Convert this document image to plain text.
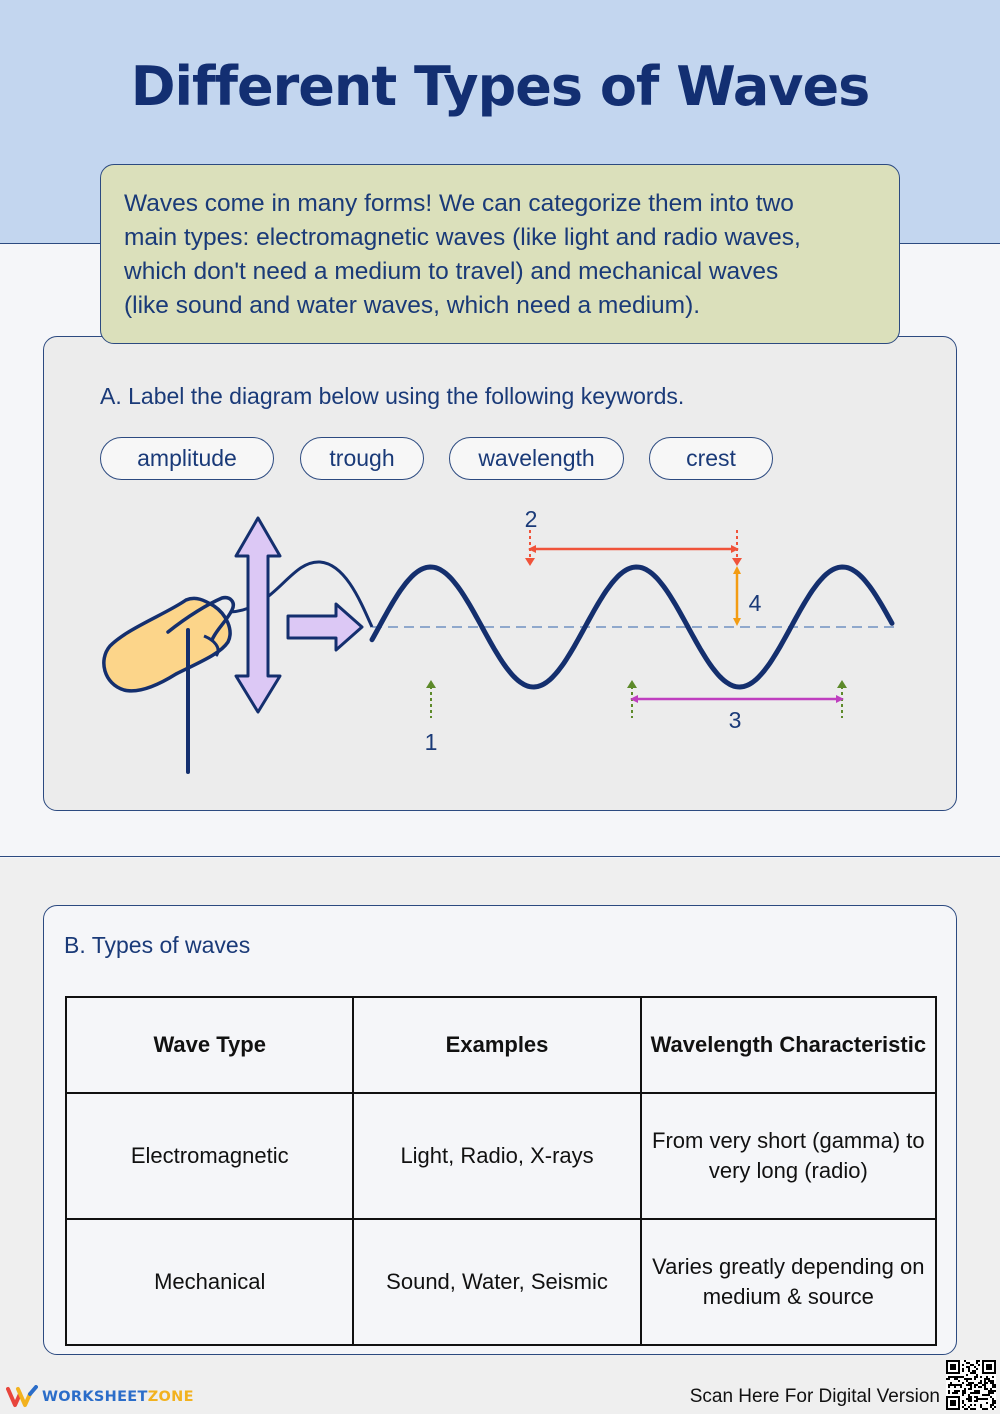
Different Types of Waves

Waves come in many forms! We can categorize them into two

main types: electromagnetic waves (like light and radio waves,

which don't need a medium to travel) and mechanical waves

(like sound and water waves, which need a medium).

A. Label the diagram below using the following keywords.
amplitude	trough	wavelength	crest
1
2
3
4
B. Types of waves
Wave Type	Examples	Wavelength Characteristic
Electromagnetic	Light, Radio, X-rays	From very short (gamma) to very long (radio)
Mechanical	Sound, Water, Seismic	Varies greatly depending on medium & source
WORKSHEETZONE	Scan Here For Digital Version
